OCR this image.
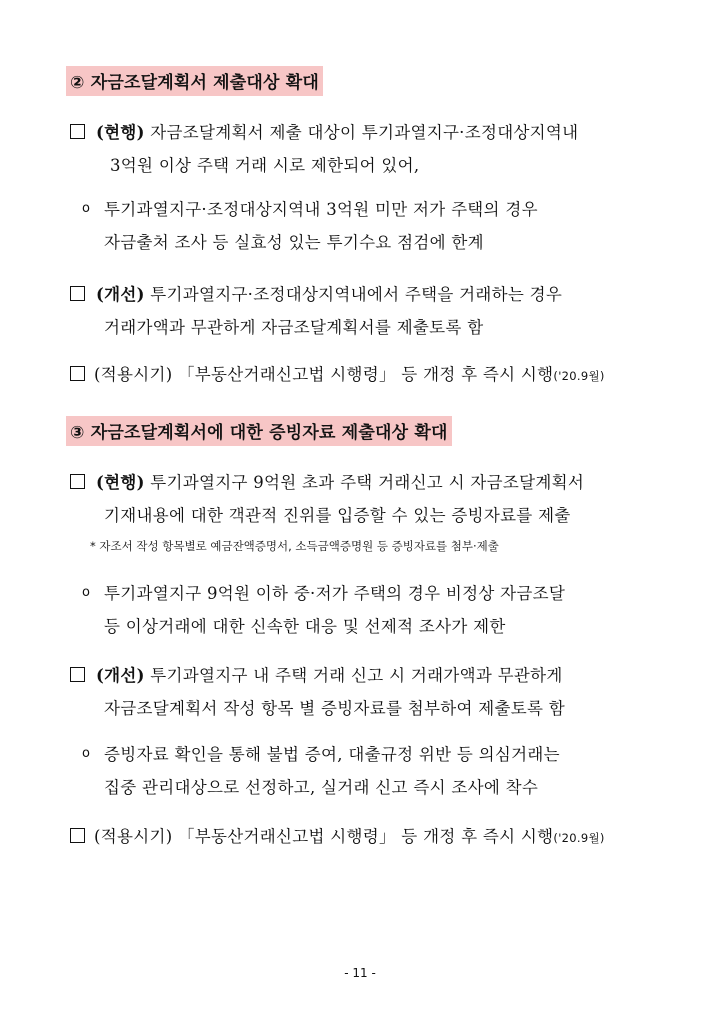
② 자금조달계획서 제출대상 확대
(현행) 자금조달계획서 제출 대상이 투기과열지구·조정대상지역내
3억원 이상 주택 거래 시로 제한되어 있어,
o 투기과열지구·조정대상지역내 3억원 미만 저가 주택의 경우
자금출처 조사 등 실효성 있는 투기수요 점검에 한계
(개선) 투기과열지구·조정대상지역내에서 주택을 거래하는 경우
거래가액과 무관하게 자금조달계획서를 제출토록 함
(적용시기) 「부동산거래신고법 시행령」 등 개정 후 즉시 시행('20.9월)
③ 자금조달계획서에 대한 증빙자료 제출대상 확대
(현행) 투기과열지구 9억원 초과 주택 거래신고 시 자금조달계획서
기재내용에 대한 객관적 진위를 입증할 수 있는 증빙자료를 제출
* 자조서 작성 항목별로 예금잔액증명서, 소득금액증명원 등 증빙자료를 첨부·제출
o 투기과열지구 9억원 이하 중·저가 주택의 경우 비정상 자금조달
등 이상거래에 대한 신속한 대응 및 선제적 조사가 제한
(개선) 투기과열지구 내 주택 거래 신고 시 거래가액과 무관하게
자금조달계획서 작성 항목 별 증빙자료를 첨부하여 제출토록 함
o 증빙자료 확인을 통해 불법 증여, 대출규정 위반 등 의심거래는
집중 관리대상으로 선정하고, 실거래 신고 즉시 조사에 착수
(적용시기) 「부동산거래신고법 시행령」 등 개정 후 즉시 시행('20.9월)
- 11 -
